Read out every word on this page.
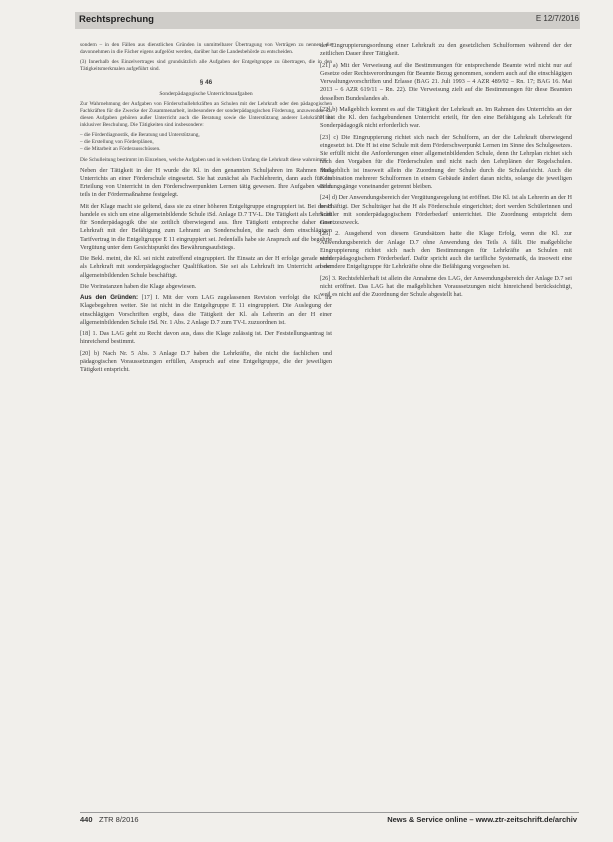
Rechtsprechung	E 12/7/2016

sondern – in den Fällen aus dienstlichen Gründen in unmittelbarer Übertragung von Verträgen zu nennen, die davonnehmen in die Fächer eigens aufgelöst werden, darüber hat die Landesbehörde zu entscheiden.

(3) Innerhalb des Einzelvertrages sind grundsätzlich alle Aufgaben der Entgeltgruppe zu übertragen, die in den Tätigkeitsmerkmalen aufgeführt sind.

§ 46
Sonderpädagogische Unterrichtsaufgaben

Zur Wahrnehmung der Aufgaben von Förderschullehrkräften an Schulen mit der Lehrkraft oder den pädagogischen Fachkräften für die Zwecke der Zusammenarbeit, insbesondere der sonderpädagogischen Förderung, anzuwenden. Zu diesen Aufgaben gehören außer Unterricht auch die Beratung sowie die Unterstützung anderer Lehrkräfte bei inklusiver Beschulung. Die Tätigkeiten sind insbesondere:

– die Förderdiagnostik, die Beratung und Unterstützung,

– die Erstellung von Förderplänen,

– die Mitarbeit an Förderausschüssen.

Die Schulleitung bestimmt im Einzelnen, welche Aufgaben und in welchem Umfang die Lehrkraft diese wahrnimmt.

Neben der Tätigkeit in der H wurde die Kl. in den genannten Schuljahren im Rahmen ihres Unterrichts an einer Förderschule eingesetzt. Sie hat zunächst als Fachlehrerin, dann auch für die Erteilung von Unterricht in den Förderschwerpunkten Lernen tätig gewesen. Ihre Aufgaben waren teils in der Fördermaßnahme festgelegt.

Mit der Klage macht sie geltend, dass sie zu einer höheren Entgeltgruppe eingruppiert ist. Bei der H handele es sich um eine allgemeinbildende Schule iSd. Anlage D.7 TV-L. Die Tätigkeit als Lehrkraft für Sonderpädagogik übe sie zeitlich überwiegend aus. Ihre Tätigkeit entspreche daher einer Lehrkraft mit der Befähigung zum Lehramt an Sonderschulen, die nach dem einschlägigen Tarifvertrag in die Entgeltgruppe E 11 eingruppiert sei. Jedenfalls habe sie Anspruch auf die begehrte Vergütung unter dem Gesichtspunkt des Bewährungsaufstiegs.

Die Bekl. meint, die Kl. sei nicht zutreffend eingruppiert. Ihr Einsatz an der H erfolge gerade nicht als Lehrkraft mit sonderpädagogischer Qualifikation. Sie sei als Lehrkraft im Unterricht an der allgemeinbildenden Schule beschäftigt.

Die Vorinstanzen haben die Klage abgewiesen.

Aus den Gründen: [17] I. Mit der vom LAG zugelassenen Revision verfolgt die Kl. ihr Klagebegehren weiter. Sie ist nicht in die Entgeltgruppe E 11 eingruppiert. Die Auslegung der einschlägigen Vorschriften ergibt, dass die Tätigkeit der Kl. als Lehrerin an der H einer allgemeinbildenden Schule iSd. Nr. 1 Abs. 2 Anlage D.7 zum TV-L zuzuordnen ist.

[18] 1. Das LAG geht zu Recht davon aus, dass die Klage zulässig ist. Der Feststellungsantrag ist hinreichend bestimmt.

[20] b) Nach Nr. 5 Abs. 3 Anlage D.7 haben die Lehrkräfte, die nicht die fachlichen und pädagogischen Voraussetzungen erfüllen, Anspruch auf eine Entgeltgruppe, die der jeweiligen Tätigkeit entspricht.

der Eingruppierungsordnung einer Lehrkraft zu den gesetzlichen Schulformen während der der zeitlichen Dauer ihrer Tätigkeit.

[21] a) Mit der Verweisung auf die Bestimmungen für entsprechende Beamte wird nicht nur auf Gesetze oder Rechtsverordnungen für Beamte Bezug genommen, sondern auch auf die einschlägigen Verwaltungsvorschriften und Erlasse (BAG 21. Juli 1993 – 4 AZR 489/92 – Rn. 17; BAG 16. Mai 2013 – 6 AZR 619/11 – Rn. 22). Die Verweisung zielt auf die Bestimmungen für diese Beamten desselben Bundeslandes ab.

[22] b) Maßgeblich kommt es auf die Tätigkeit der Lehrkraft an. Im Rahmen des Unterrichts an der H hat die Kl. den fachgebundenen Unterricht erteilt, für den eine Befähigung als Lehrkraft für Sonderpädagogik nicht erforderlich war.

[23] c) Die Eingruppierung richtet sich nach der Schulform, an der die Lehrkraft überwiegend eingesetzt ist. Die H ist eine Schule mit dem Förderschwerpunkt Lernen im Sinne des Schulgesetzes. Sie erfüllt nicht die Anforderungen einer allgemeinbildenden Schule, denn ihr Lehrplan richtet sich nach den Vorgaben für die Förderschulen und nicht nach den Lehrplänen der Regelschulen. Maßgeblich ist insoweit allein die Zuordnung der Schule durch die Schulaufsicht. Auch die Kombination mehrerer Schulformen in einem Gebäude ändert daran nichts, solange die jeweiligen Bildungsgänge voneinander getrennt bleiben.

[24] d) Der Anwendungsbereich der Vergütungsregelung ist eröffnet. Die Kl. ist als Lehrerin an der H beschäftigt. Der Schulträger hat die H als Förderschule eingerichtet; dort werden Schülerinnen und Schüler mit sonderpädagogischem Förderbedarf unterrichtet. Die Zuordnung entspricht dem Gesetzeszweck.

[25] 2. Ausgehend von diesem Grundsätzen hatte die Klage Erfolg, wenn die Kl. zur Anwendungsbereich der Anlage D.7 ohne Anwendung des Teils A fällt. Die maßgebliche Eingruppierung richtet sich nach den Bestimmungen für Lehrkräfte an Schulen mit sonderpädagogischem Förderbedarf. Dafür spricht auch die tarifliche Systematik, da insoweit eine besondere Entgeltgruppe für Lehrkräfte ohne die Befähigung vorgesehen ist.

[26] 3. Rechtsfehlerhaft ist allein die Annahme des LAG, der Anwendungsbereich der Anlage D.7 sei nicht eröffnet. Das LAG hat die maßgeblichen Voraussetzungen nicht hinreichend berücksichtigt, weil es nicht auf die Zuordnung der Schule abgestellt hat.

440 ZTR 8/2016	News & Service online – www.ztr-zeitschrift.de/archiv
